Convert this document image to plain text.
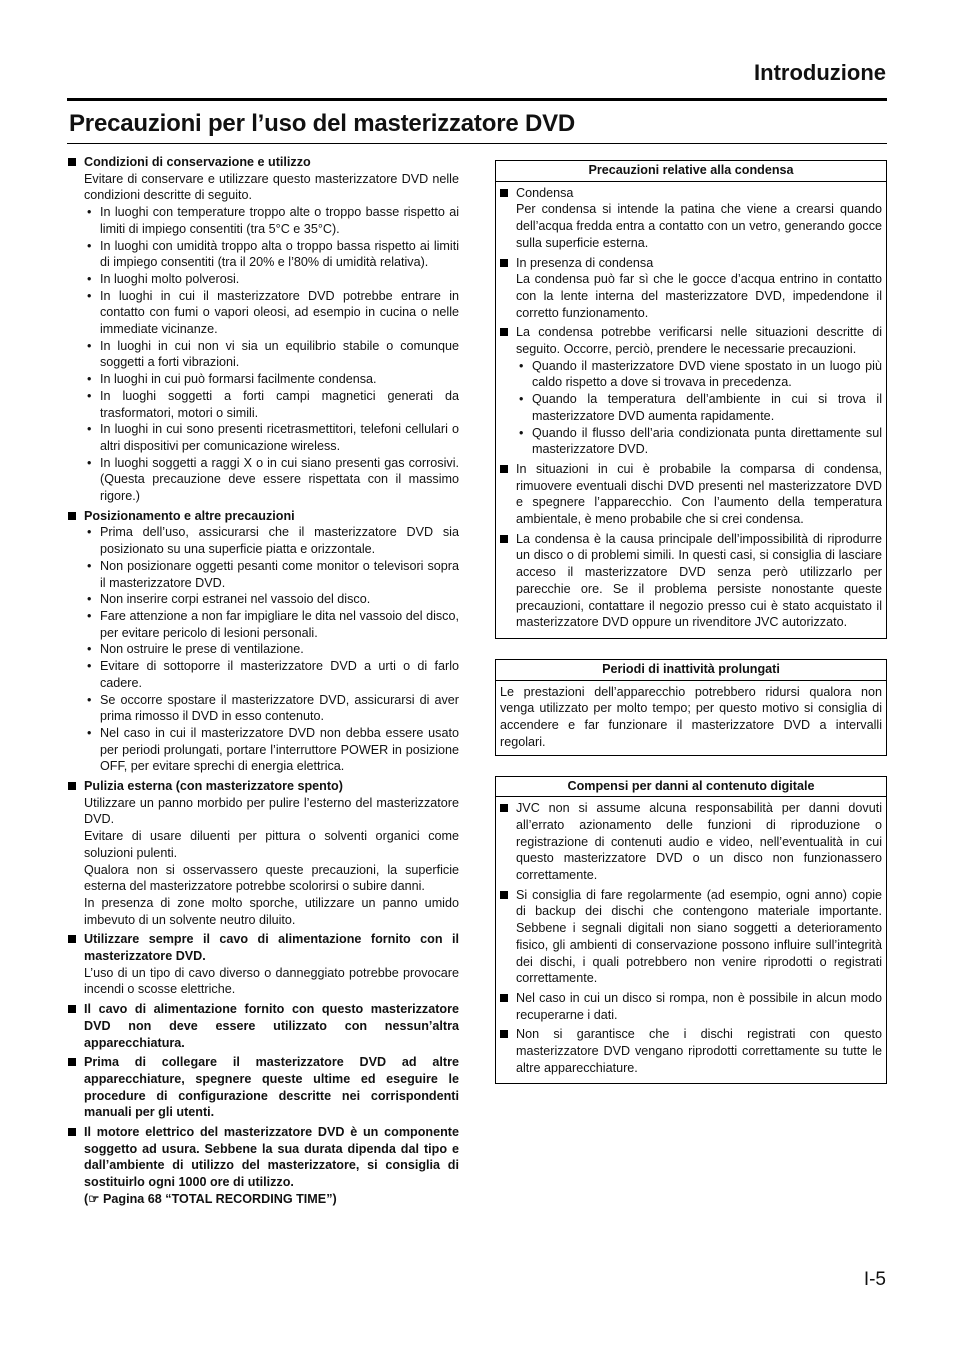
Introduzione
Precauzioni per l’uso del masterizzatore DVD

Condizioni di conservazione e utilizzo

Evitare di conservare e utilizzare questo masterizzatore DVD nelle condizioni descritte di seguito.

• In luoghi con temperature troppo alte o troppo basse rispetto ai limiti di impiego consentiti (tra 5°C e 35°C).
• In luoghi con umidità troppo alta o troppo bassa rispetto ai limiti di impiego consentiti (tra il 20% e l’80% di umidità relativa).
• In luoghi molto polverosi.
• In luoghi in cui il masterizzatore DVD potrebbe entrare in contatto con fumi o vapori oleosi, ad esempio in cucina o nelle immediate vicinanze.
• In luoghi in cui non vi sia un equilibrio stabile o comunque soggetti a forti vibrazioni.
• In luoghi in cui può formarsi facilmente condensa.
• In luoghi soggetti a forti campi magnetici generati da trasformatori, motori o simili.
• In luoghi in cui sono presenti ricetrasmettitori, telefoni cellulari o altri dispositivi per comunicazione wireless.
• In luoghi soggetti a raggi X o in cui siano presenti gas corrosivi. (Questa precauzione deve essere rispettata con il massimo rigore.)

Posizionamento e altre precauzioni

• Prima dell’uso, assicurarsi che il masterizzatore DVD sia posizionato su una superficie piatta e orizzontale.
• Non posizionare oggetti pesanti come monitor o televisori sopra il masterizzatore DVD.
• Non inserire corpi estranei nel vassoio del disco.
• Fare attenzione a non far impigliare le dita nel vassoio del disco, per evitare pericolo di lesioni personali.
• Non ostruire le prese di ventilazione.
• Evitare di sottoporre il masterizzatore DVD a urti o di farlo cadere.
• Se occorre spostare il masterizzatore DVD, assicurarsi di aver prima rimosso il DVD in esso contenuto.
• Nel caso in cui il masterizzatore DVD non debba essere usato per periodi prolungati, portare l’interruttore POWER in posizione OFF, per evitare sprechi di energia elettrica.

Pulizia esterna (con masterizzatore spento)

Utilizzare un panno morbido per pulire l’esterno del masterizzatore DVD.

Evitare di usare diluenti per pittura o solventi organici come soluzioni pulenti.

Qualora non si osservassero queste precauzioni, la superficie esterna del masterizzatore potrebbe scolorirsi o subire danni.

In presenza di zone molto sporche, utilizzare un panno umido imbevuto di un solvente neutro diluito.

Utilizzare sempre il cavo di alimentazione fornito con il masterizzatore DVD.

L’uso di un tipo di cavo diverso o danneggiato potrebbe provocare incendi o scosse elettriche.

Il cavo di alimentazione fornito con questo masterizzatore DVD non deve essere utilizzato con nessun’altra apparecchiatura.

Prima di collegare il masterizzatore DVD ad altre apparecchiature, spegnere queste ultime ed eseguire le procedure di configurazione descritte nei corrispondenti manuali per gli utenti.

Il motore elettrico del masterizzatore DVD è un componente soggetto ad usura. Sebbene la sua durata dipenda dal tipo e dall’ambiente di utilizzo del masterizzatore, si consiglia di sostituirlo ogni 1000 ore di utilizzo.

(☞ Pagina 68 “TOTAL RECORDING TIME”)

Precauzioni relative alla condensa

Condensa

Per condensa si intende la patina che viene a crearsi quando dell’acqua fredda entra a contatto con un vetro, generando gocce sulla superficie esterna.

In presenza di condensa

La condensa può far sì che le gocce d’acqua entrino in contatto con la lente interna del masterizzatore DVD, impedendone il corretto funzionamento.

La condensa potrebbe verificarsi nelle situazioni descritte di seguito. Occorre, perciò, prendere le necessarie precauzioni.

• Quando il masterizzatore DVD viene spostato in un luogo più caldo rispetto a dove si trovava in precedenza.
• Quando la temperatura dell’ambiente in cui si trova il masterizzatore DVD aumenta rapidamente.
• Quando il flusso dell’aria condizionata punta direttamente sul masterizzatore DVD.

In situazioni in cui è probabile la comparsa di condensa, rimuovere eventuali dischi DVD presenti nel masterizzatore DVD e spegnere l’apparecchio. Con l’aumento della temperatura ambientale, è meno probabile che si crei condensa.

La condensa è la causa principale dell’impossibilità di riprodurre un disco o di problemi simili. In questi casi, si consiglia di lasciare acceso il masterizzatore DVD senza però utilizzarlo per parecchie ore. Se il problema persiste nonostante queste precauzioni, contattare il negozio presso cui è stato acquistato il masterizzatore DVD oppure un rivenditore JVC autorizzato.

Periodi di inattività prolungati

Le prestazioni dell’apparecchio potrebbero ridursi qualora non venga utilizzato per molto tempo; per questo motivo si consiglia di accendere e far funzionare il masterizzatore DVD a intervalli regolari.

Compensi per danni al contenuto digitale

JVC non si assume alcuna responsabilità per danni dovuti all’errato azionamento delle funzioni di riproduzione o registrazione di contenuti audio e video, nell’eventualità in cui questo masterizzatore DVD o un disco non funzionassero correttamente.

Si consiglia di fare regolarmente (ad esempio, ogni anno) copie di backup dei dischi che contengono materiale importante. Sebbene i segnali digitali non siano soggetti a deterioramento fisico, gli ambienti di conservazione possono influire sull’integrità dei dischi, i quali potrebbero non venire riprodotti o registrati correttamente.

Nel caso in cui un disco si rompa, non è possibile in alcun modo recuperarne i dati.

Non si garantisce che i dischi registrati con questo masterizzatore DVD vengano riprodotti correttamente su tutte le altre apparecchiature.

I-5
